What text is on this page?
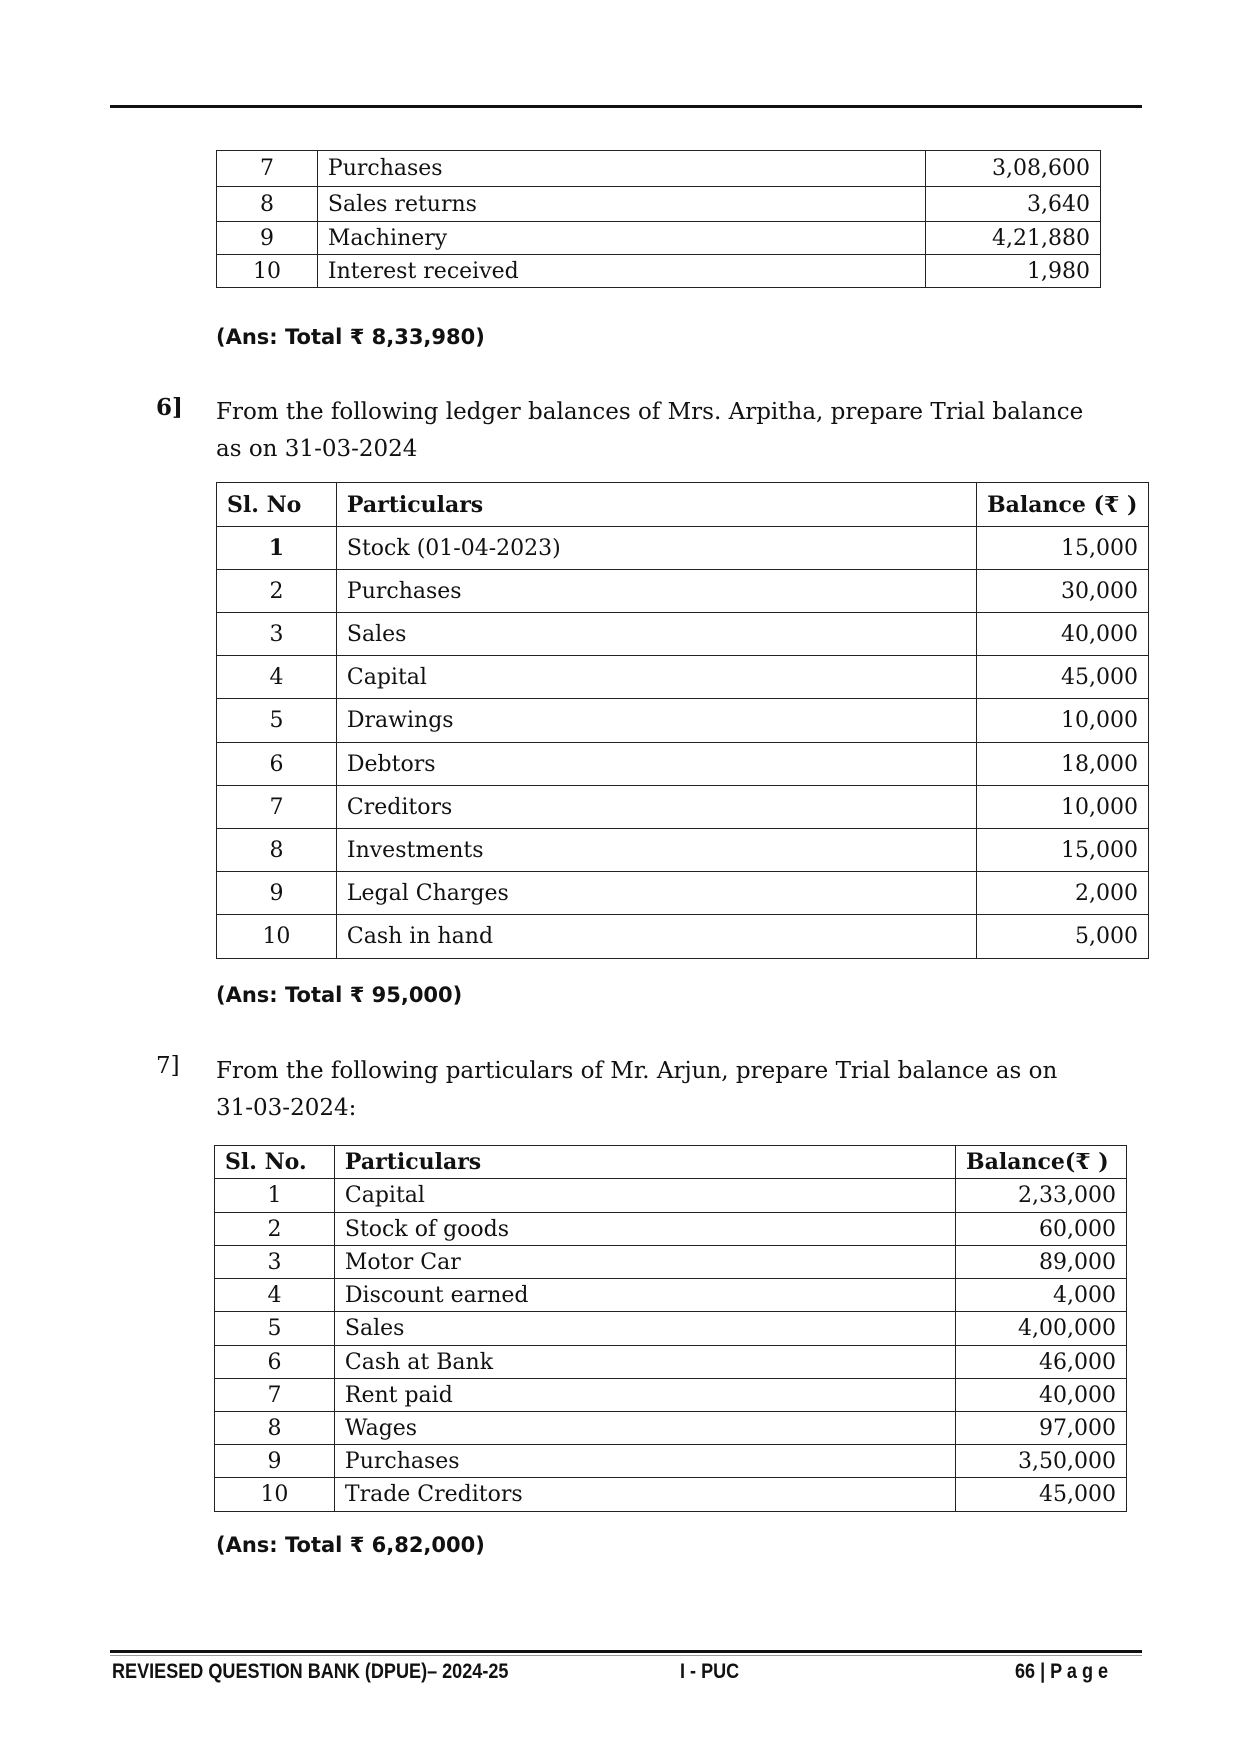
7	Purchases	3,08,600
8	Sales returns	3,640
9	Machinery	4,21,880
10	Interest received	1,980
(Ans: Total ₹ 8,33,980)
6] From the following ledger balances of Mrs. Arpitha, prepare Trial balance as on 31-03-2024
Sl. No	Particulars	Balance (₹ )
1	Stock (01-04-2023)	15,000
2	Purchases	30,000
3	Sales	40,000
4	Capital	45,000
5	Drawings	10,000
6	Debtors	18,000
7	Creditors	10,000
8	Investments	15,000
9	Legal Charges	2,000
10	Cash in hand	5,000
(Ans: Total ₹ 95,000)
7] From the following particulars of Mr. Arjun, prepare Trial balance as on 31-03-2024:
Sl. No.	Particulars	Balance(₹ )
1	Capital	2,33,000
2	Stock of goods	60,000
3	Motor Car	89,000
4	Discount earned	4,000
5	Sales	4,00,000
6	Cash at Bank	46,000
7	Rent paid	40,000
8	Wages	97,000
9	Purchases	3,50,000
10	Trade Creditors	45,000
(Ans: Total ₹ 6,82,000)
REVIESED QUESTION BANK (DPUE)– 2024-25	I - PUC	66 | P a g e
